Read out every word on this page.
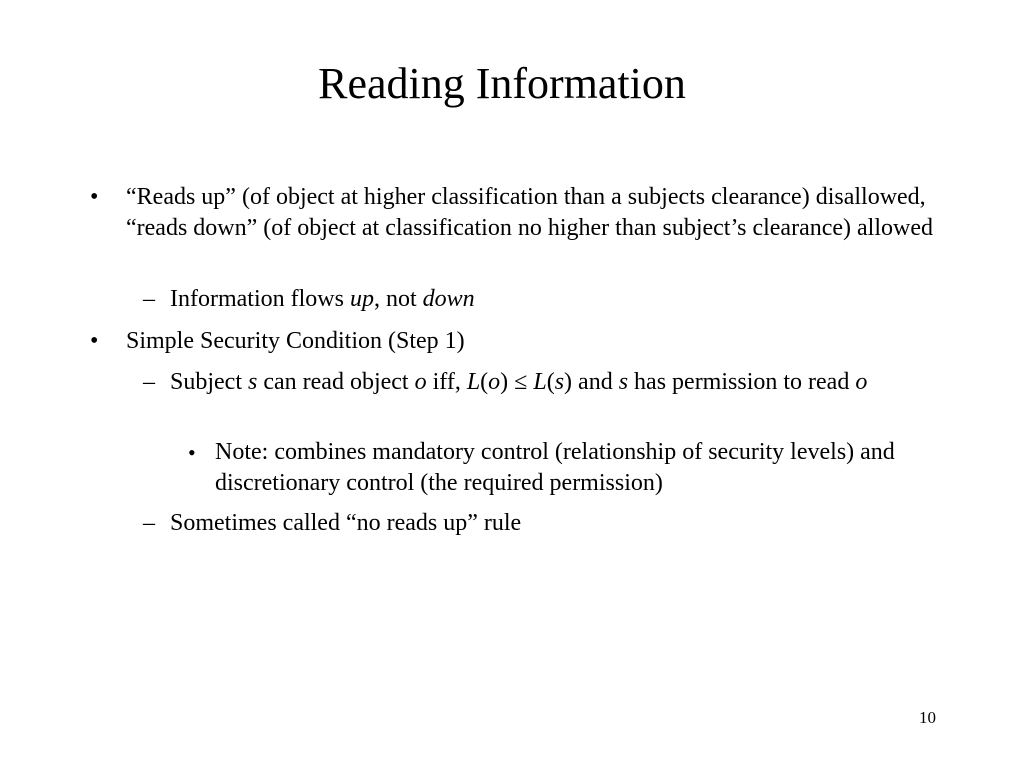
Reading Information
• “Reads up” (of object at higher classification than a subjects clearance) disallowed, “reads down” (of object at classification no higher than subject’s clearance) allowed
– Information flows up, not down
• Simple Security Condition (Step 1)
– Subject s can read object o iff, L(o) ≤ L(s) and s has permission to read o
• Note: combines mandatory control (relationship of security levels) and discretionary control (the required permission)
– Sometimes called “no reads up” rule
10
